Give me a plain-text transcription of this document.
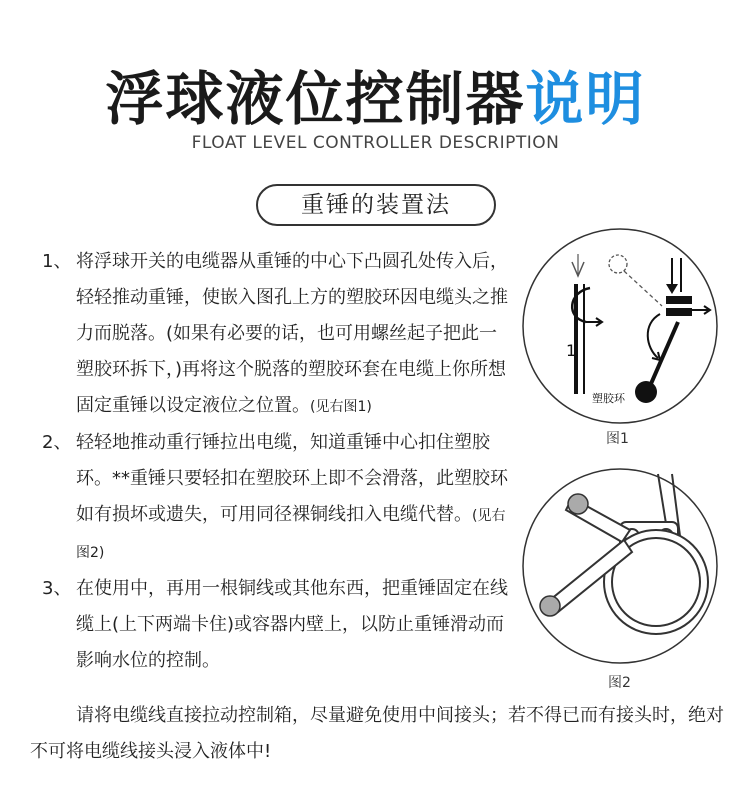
浮球液位控制器说明
FLOAT LEVEL CONTROLLER DESCRIPTION
重锤的装置法
1、 将浮球开关的电缆器从重锤的中心下凸圆孔处传入后，轻轻推动重锤，使嵌入图孔上方的塑胶环因电缆头之推力而脱落。(如果有必要的话，也可用螺丝起子把此一塑胶环拆下，)再将这个脱落的塑胶环套在电缆上你所想固定重锤以设定液位之位置。(见右图1)
2、 轻轻地推动重行锤拉出电缆，知道重锤中心扣住塑胶环。**重锤只要轻扣在塑胶环上即不会滑落，此塑胶环如有损坏或遗失，可用同径裸铜线扣入电缆代替。(见右图2)
3、 在使用中，再用一根铜线或其他东西，把重锤固定在线缆上(上下两端卡住)或容器内壁上，以防止重锤滑动而影响水位的控制。
1
塑胶环
图1
图2
请将电缆线直接拉动控制箱，尽量避免使用中间接头；若不得已而有接头时，绝对不可将电缆线接头浸入液体中!
